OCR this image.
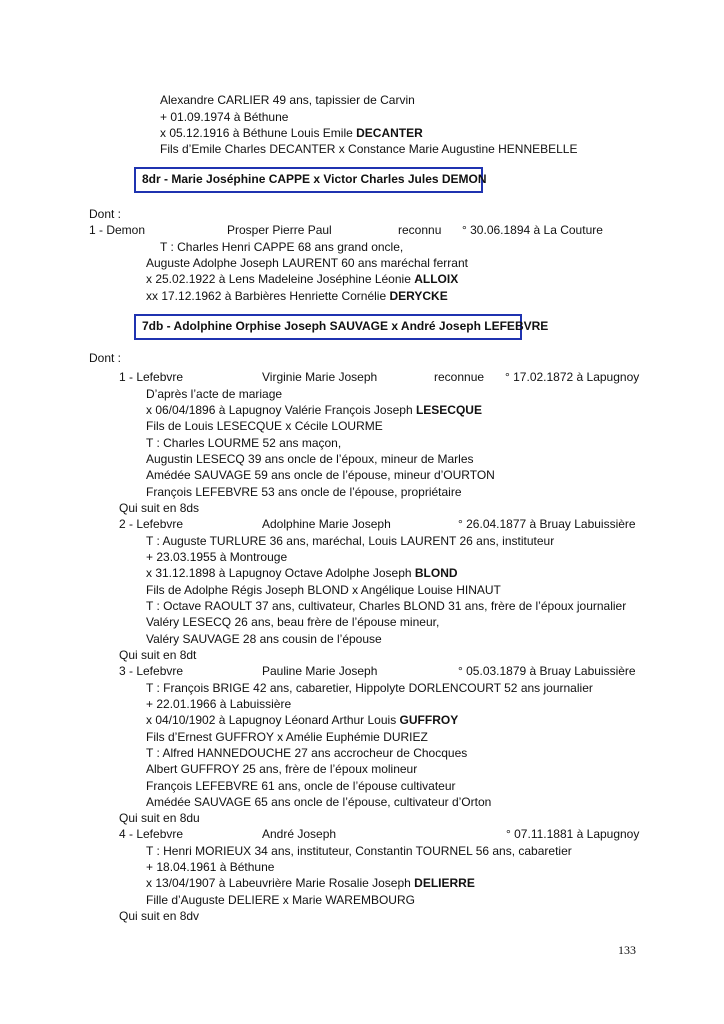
Alexandre CARLIER 49 ans, tapissier de Carvin
+ 01.09.1974 à Béthune
x 05.12.1916 à Béthune Louis Emile DECANTER
Fils d’Emile Charles DECANTER x Constance Marie Augustine HENNEBELLE
8dr - Marie Joséphine CAPPE x Victor Charles Jules DEMON
Dont :
1 - Demon	Prosper Pierre Paul	reconnu ° 30.06.1894 à La Couture
T : Charles Henri CAPPE 68 ans grand oncle,
Auguste Adolphe Joseph LAURENT 60 ans maréchal ferrant
x 25.02.1922 à Lens Madeleine Joséphine Léonie ALLOIX
xx 17.12.1962 à Barbières Henriette Cornélie DERYCKE
7db - Adolphine Orphise Joseph SAUVAGE x André Joseph LEFEBVRE
Dont :
1 - Lefebvre	Virginie Marie Joseph	reconnue ° 17.02.1872 à Lapugnoy
D’après l’acte de mariage
x 06/04/1896 à Lapugnoy Valérie François Joseph LESECQUE
Fils de Louis LESECQUE x Cécile LOURME
T : Charles LOURME 52 ans maçon,
Augustin LESECQ 39 ans oncle de l’époux, mineur de Marles
Amédée SAUVAGE 59 ans oncle de l’épouse, mineur d’OURTON
François LEFEBVRE 53 ans oncle de l’épouse, propriétaire
Qui suit en 8ds
2 - Lefebvre	Adolphine Marie Joseph	° 26.04.1877 à Bruay Labuissière
T : Auguste TURLURE 36 ans, maréchal, Louis LAURENT 26 ans, instituteur
+ 23.03.1955 à Montrouge
x 31.12.1898 à Lapugnoy Octave Adolphe Joseph BLOND
Fils de Adolphe Régis Joseph BLOND x Angélique Louise HINAUT
T : Octave RAOULT 37 ans, cultivateur, Charles BLOND 31 ans, frère de l’époux journalier
Valéry LESECQ 26 ans, beau frère de l’épouse mineur,
Valéry SAUVAGE 28 ans cousin de l’épouse
Qui suit en 8dt
3 - Lefebvre	Pauline Marie Joseph	° 05.03.1879 à Bruay Labuissière
T : François BRIGE 42 ans, cabaretier, Hippolyte DORLENCOURT 52 ans journalier
+ 22.01.1966 à Labuissière
x 04/10/1902 à Lapugnoy Léonard Arthur Louis GUFFROY
Fils d’Ernest GUFFROY x Amélie Euphémie DURIEZ
T : Alfred HANNEDOUCHE 27 ans accrocheur de Chocques
Albert GUFFROY 25 ans, frère de l’époux molineur
François LEFEBVRE 61 ans, oncle de l’épouse cultivateur
Amédée SAUVAGE 65 ans oncle de l’épouse, cultivateur d’Orton
Qui suit en 8du
4 - Lefebvre	André Joseph	° 07.11.1881 à Lapugnoy
T : Henri MORIEUX 34 ans, instituteur, Constantin TOURNEL 56 ans, cabaretier
+ 18.04.1961 à Béthune
x 13/04/1907 à Labeuvrière Marie Rosalie Joseph DELIERRE
Fille d’Auguste DELIERE x Marie WAREMBOURG
Qui suit en 8dv
133
